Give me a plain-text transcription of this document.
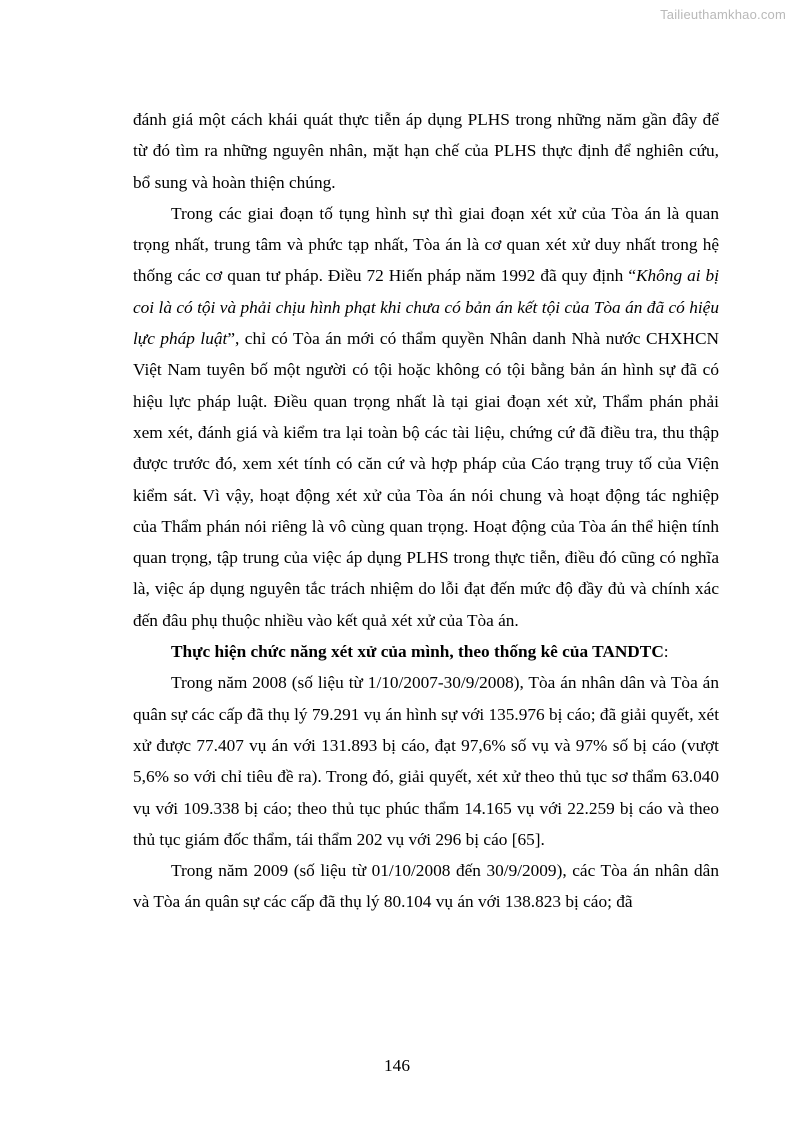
Tailieuthamkhao.com

đánh giá một cách khái quát thực tiễn áp dụng PLHS trong những năm gần đây để từ đó tìm ra những nguyên nhân, mặt hạn chế của PLHS thực định để nghiên cứu, bổ sung và hoàn thiện chúng.

Trong các giai đoạn tố tụng hình sự thì giai đoạn xét xử của Tòa án là quan trọng nhất, trung tâm và phức tạp nhất, Tòa án là cơ quan xét xử duy nhất trong hệ thống các cơ quan tư pháp. Điều 72 Hiến pháp năm 1992 đã quy định “Không ai bị coi là có tội và phải chịu hình phạt khi chưa có bản án kết tội của Tòa án đã có hiệu lực pháp luật”, chỉ có Tòa án mới có thẩm quyền Nhân danh Nhà nước CHXHCN Việt Nam tuyên bố một người có tội hoặc không có tội bằng bản án hình sự đã có hiệu lực pháp luật. Điều quan trọng nhất là tại giai đoạn xét xử, Thẩm phán phải xem xét, đánh giá và kiểm tra lại toàn bộ các tài liệu, chứng cứ đã điều tra, thu thập được trước đó, xem xét tính có căn cứ và hợp pháp của Cáo trạng truy tố của Viện kiểm sát. Vì vậy, hoạt động xét xử của Tòa án nói chung và hoạt động tác nghiệp của Thẩm phán nói riêng là vô cùng quan trọng. Hoạt động của Tòa án thể hiện tính quan trọng, tập trung của việc áp dụng PLHS trong thực tiễn, điều đó cũng có nghĩa là, việc áp dụng nguyên tắc trách nhiệm do lỗi đạt đến mức độ đầy đủ và chính xác đến đâu phụ thuộc nhiều vào kết quả xét xử của Tòa án.

Thực hiện chức năng xét xử của mình, theo thống kê của TANDTC:

Trong năm 2008 (số liệu từ 1/10/2007-30/9/2008), Tòa án nhân dân và Tòa án quân sự các cấp đã thụ lý 79.291 vụ án hình sự với 135.976 bị cáo; đã giải quyết, xét xử được 77.407 vụ án với 131.893 bị cáo, đạt 97,6% số vụ và 97% số bị cáo (vượt 5,6% so với chỉ tiêu đề ra). Trong đó, giải quyết, xét xử theo thủ tục sơ thẩm 63.040 vụ với 109.338 bị cáo; theo thủ tục phúc thẩm 14.165 vụ với 22.259 bị cáo và theo thủ tục giám đốc thẩm, tái thẩm 202 vụ với 296 bị cáo [65].

Trong năm 2009 (số liệu từ 01/10/2008 đến 30/9/2009), các Tòa án nhân dân và Tòa án quân sự các cấp đã thụ lý 80.104 vụ án với 138.823 bị cáo; đã

146
